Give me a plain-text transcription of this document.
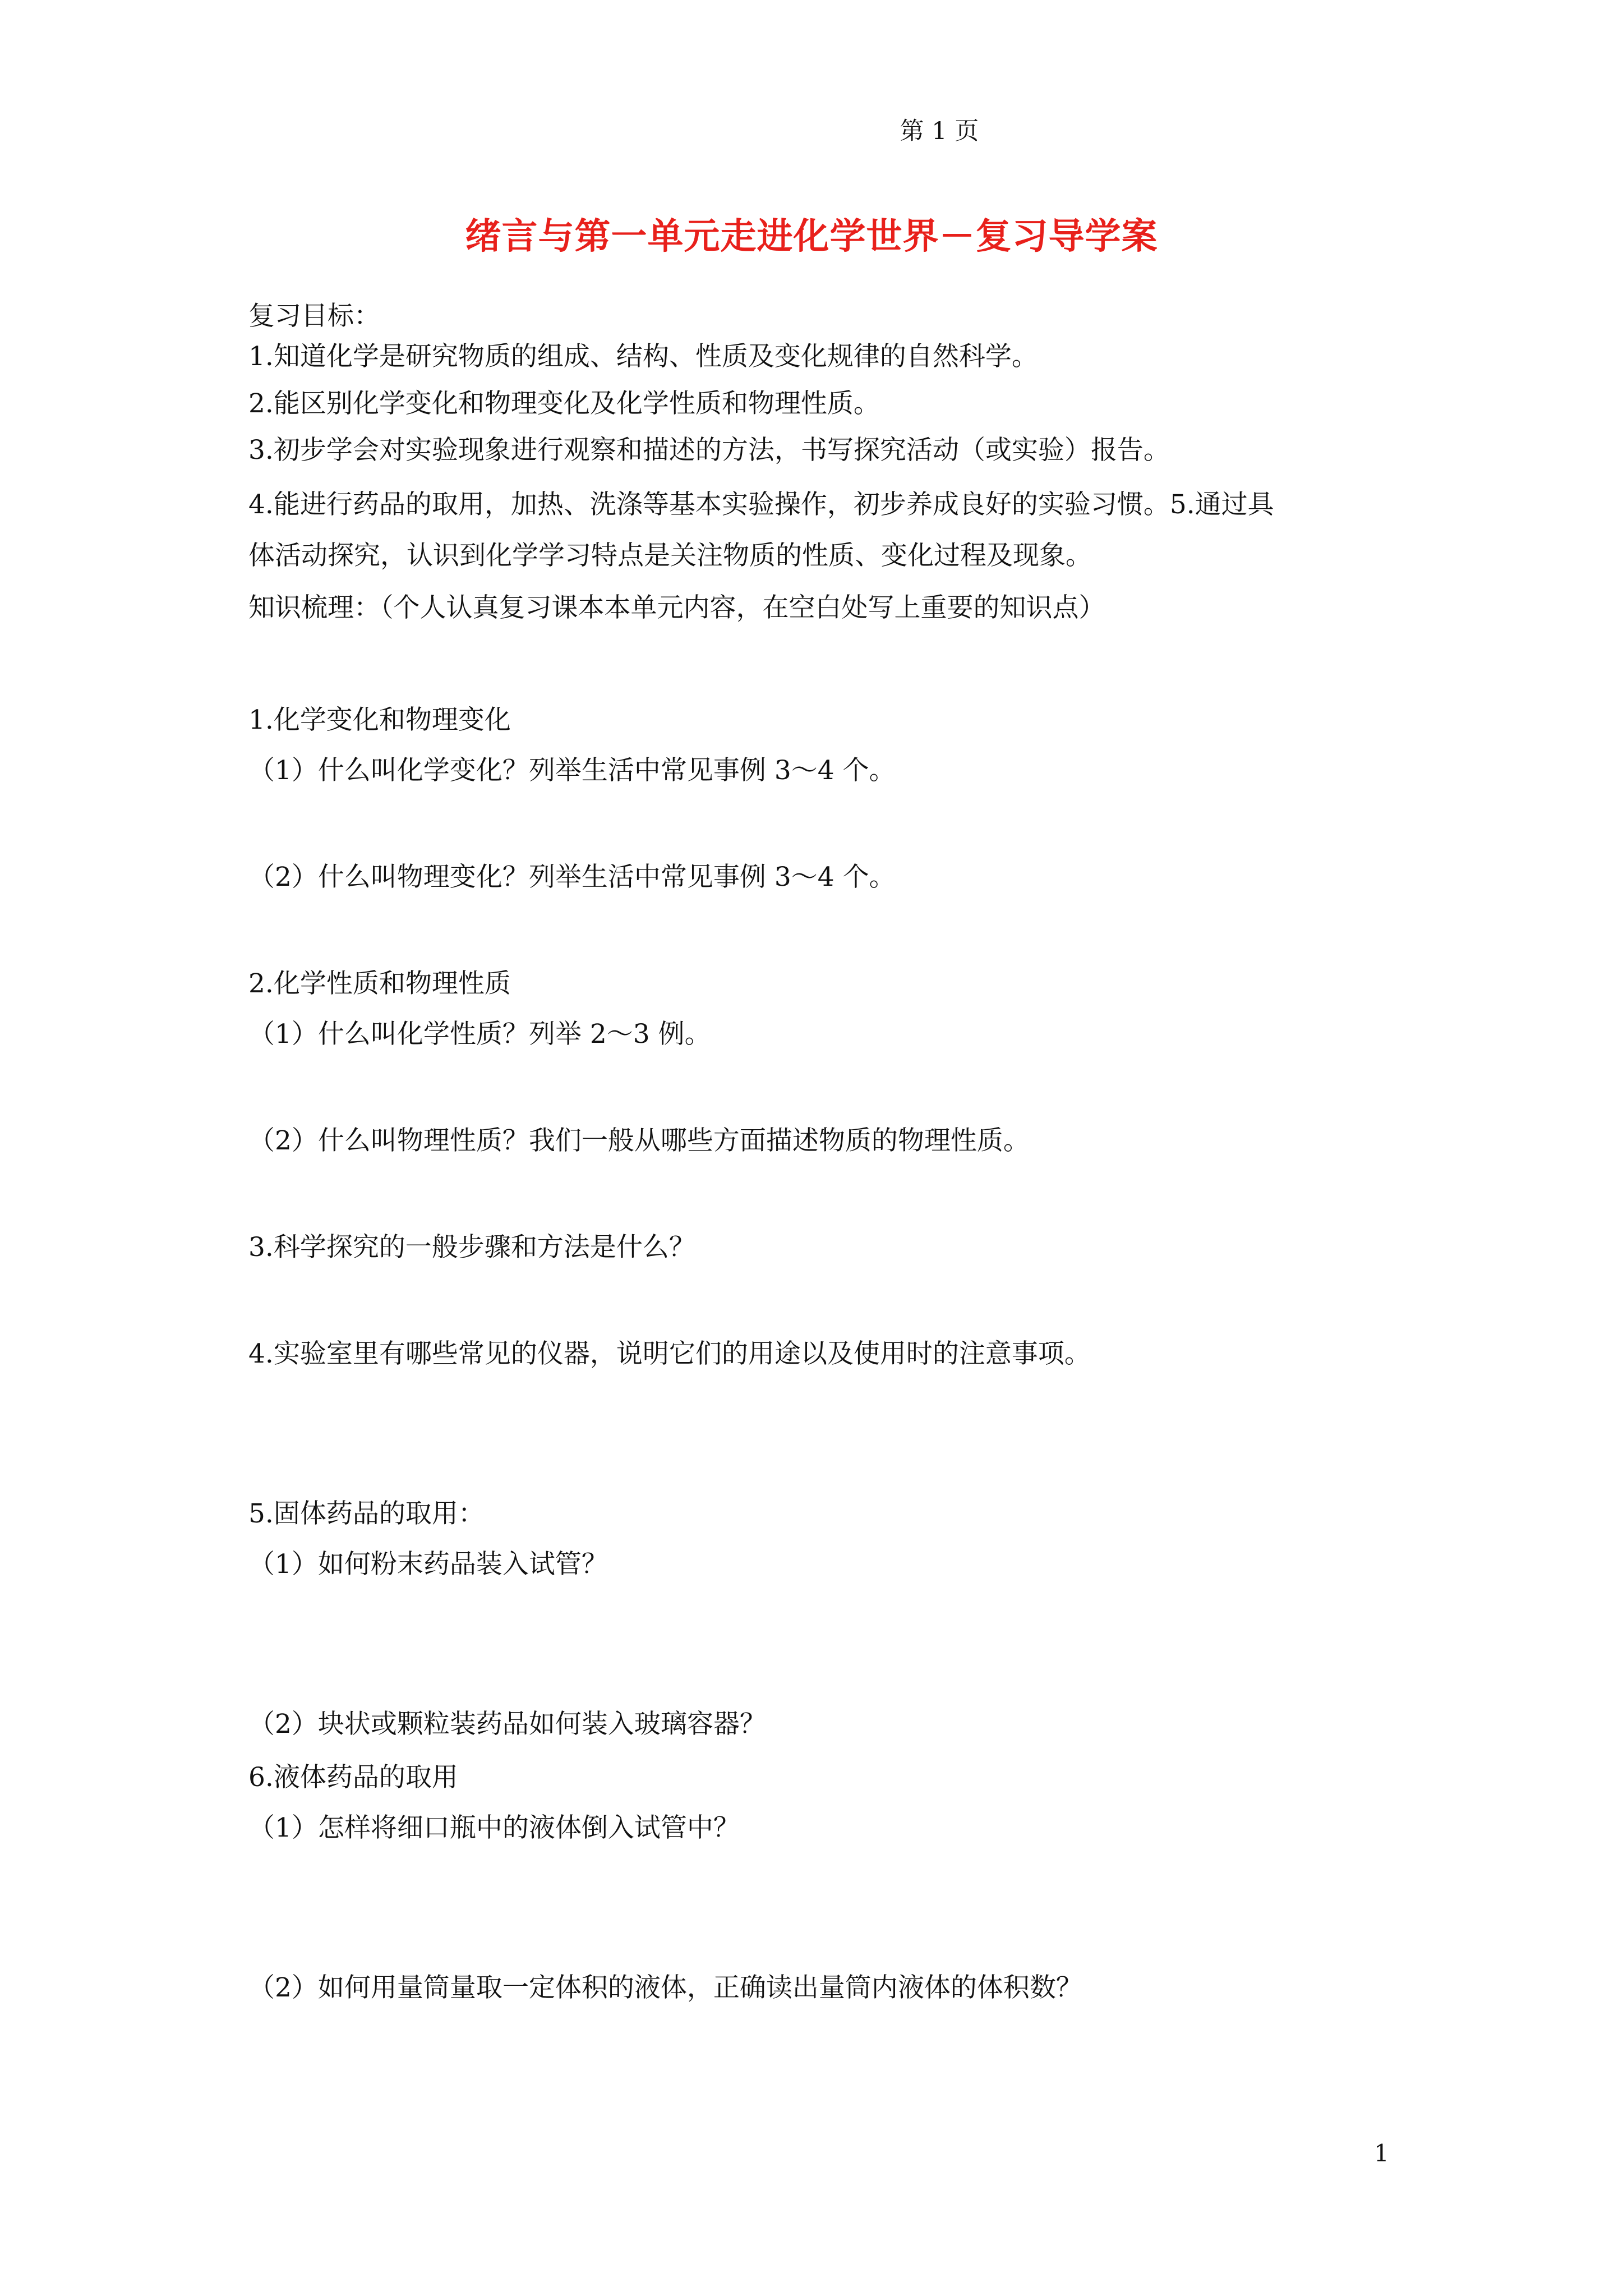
第 1 页
绪言与第一单元走进化学世界－复习导学案
复习目标：
1.知道化学是研究物质的组成、结构、性质及变化规律的自然科学。
2.能区别化学变化和物理变化及化学性质和物理性质。
3.初步学会对实验现象进行观察和描述的方法，书写探究活动（或实验）报告。
4.能进行药品的取用，加热、洗涤等基本实验操作，初步养成良好的实验习惯。5.通过具
体活动探究，认识到化学学习特点是关注物质的性质、变化过程及现象。
知识梳理：（个人认真复习课本本单元内容，在空白处写上重要的知识点）
1.化学变化和物理变化
（1）什么叫化学变化？列举生活中常见事例 3～4 个。
（2）什么叫物理变化？列举生活中常见事例 3～4 个。
2.化学性质和物理性质
（1）什么叫化学性质？列举 2～3 例。
（2）什么叫物理性质？我们一般从哪些方面描述物质的物理性质。
3.科学探究的一般步骤和方法是什么？
4.实验室里有哪些常见的仪器，说明它们的用途以及使用时的注意事项。
5.固体药品的取用：
（1）如何粉末药品装入试管？
（2）块状或颗粒装药品如何装入玻璃容器？
6.液体药品的取用
（1）怎样将细口瓶中的液体倒入试管中？
（2）如何用量筒量取一定体积的液体，正确读出量筒内液体的体积数？
1
